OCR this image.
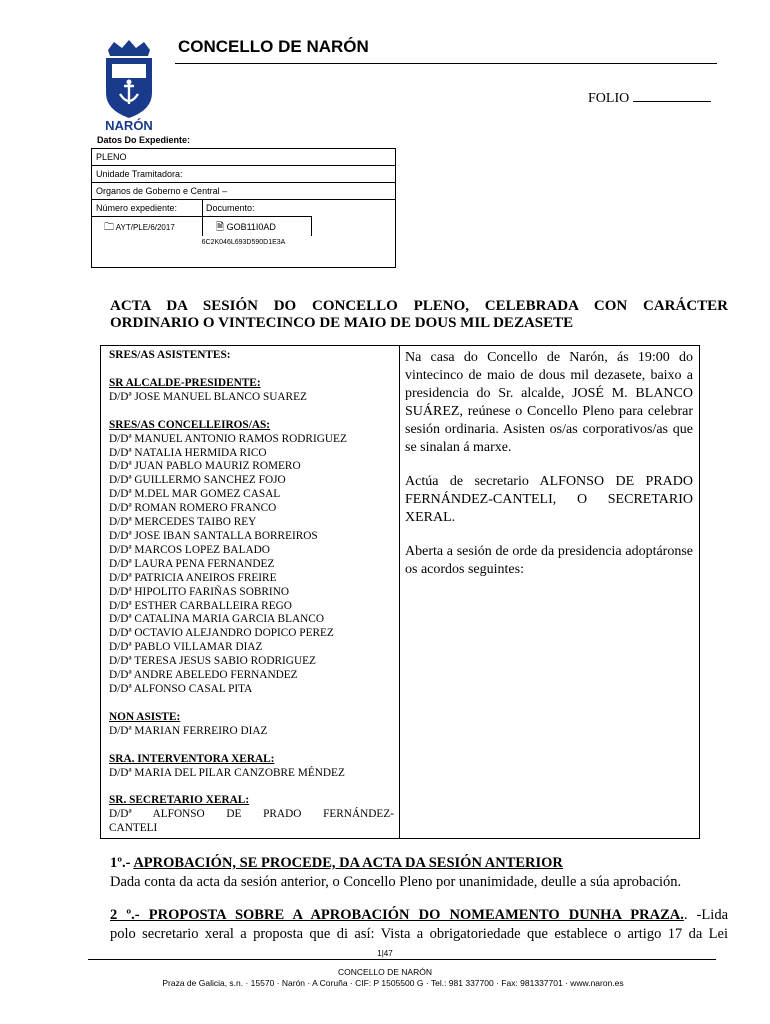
NARÓN
CONCELLO DE NARÓN
FOLIO
Datos Do Expediente:
PLENO
Unidade Tramitadora:
Organos de Goberno e Central –
Número expediente:	Documento:
🗀 AYT/PLE/6/2017	🗎 GOB11I0AD
6C2K046L693D590D1E3A
ACTA DA SESIÓN DO CONCELLO PLENO, CELEBRADA CON CARÁCTER
ORDINARIO O VINTECINCO DE MAIO DE DOUS MIL DEZASETE
SRES/AS ASISTENTES:
SR ALCALDE-PRESIDENTE:
D/Dª JOSE MANUEL BLANCO SUAREZ
SRES/AS CONCELLEIROS/AS:
D/Dª MANUEL ANTONIO RAMOS RODRIGUEZ
D/Dª NATALIA HERMIDA RICO
D/Dª JUAN PABLO MAURIZ ROMERO
D/Dª GUILLERMO SANCHEZ FOJO
D/Dª M.DEL MAR GOMEZ CASAL
D/Dª ROMAN ROMERO FRANCO
D/Dª MERCEDES TAIBO REY
D/Dª JOSE IBAN SANTALLA BORREIROS
D/Dª MARCOS LOPEZ BALADO
D/Dª LAURA PENA FERNANDEZ
D/Dª PATRICIA ANEIROS FREIRE
D/Dª HIPOLITO FARIÑAS SOBRINO
D/Dª ESTHER CARBALLEIRA REGO
D/Dª CATALINA MARIA GARCIA BLANCO
D/Dª OCTAVIO ALEJANDRO DOPICO PEREZ
D/Dª PABLO VILLAMAR DIAZ
D/Dª TERESA JESUS SABIO RODRIGUEZ
D/Dª ANDRE ABELEDO FERNANDEZ
D/Dª ALFONSO CASAL PITA
NON ASISTE:
D/Dª MARIAN FERREIRO DIAZ
SRA. INTERVENTORA XERAL:
D/Dª MARIA DEL PILAR CANZOBRE MÉNDEZ
SR. SECRETARIO XERAL:
D/Dª ALFONSO DE PRADO FERNÁNDEZ-
CANTELI

Na casa do Concello de Narón, ás 19:00 do vintecinco de maio de dous mil dezasete, baixo a presidencia do Sr. alcalde, JOSÉ M. BLANCO SUÁREZ, reúnese o Concello Pleno para celebrar sesión ordinaria. Asisten os/as corporativos/as que se sinalan á marxe.

Actúa de secretario ALFONSO DE PRADO FERNÁNDEZ-CANTELI, O SECRETARIO XERAL.

Aberta a sesión de orde da presidencia adoptáronse os acordos seguintes:

1º.- APROBACIÓN, SE PROCEDE, DA ACTA DA SESIÓN ANTERIOR
Dada conta da acta da sesión anterior, o Concello Pleno por unanimidade, deulle a súa aprobación.
2 º.- PROPOSTA SOBRE A APROBACIÓN DO NOMEAMENTO DUNHA PRAZA.. -Lida
polo secretario xeral a proposta que di así: Vista a obrigatoriedade que establece o artigo 17 da Lei
1|47
CONCELLO DE NARÓN
Praza de Galicia, s.n. · 15570 · Narón · A Coruña · CIF: P 1505500 G · Tel.: 981 337700 · Fax: 981337701 · www.naron.es
